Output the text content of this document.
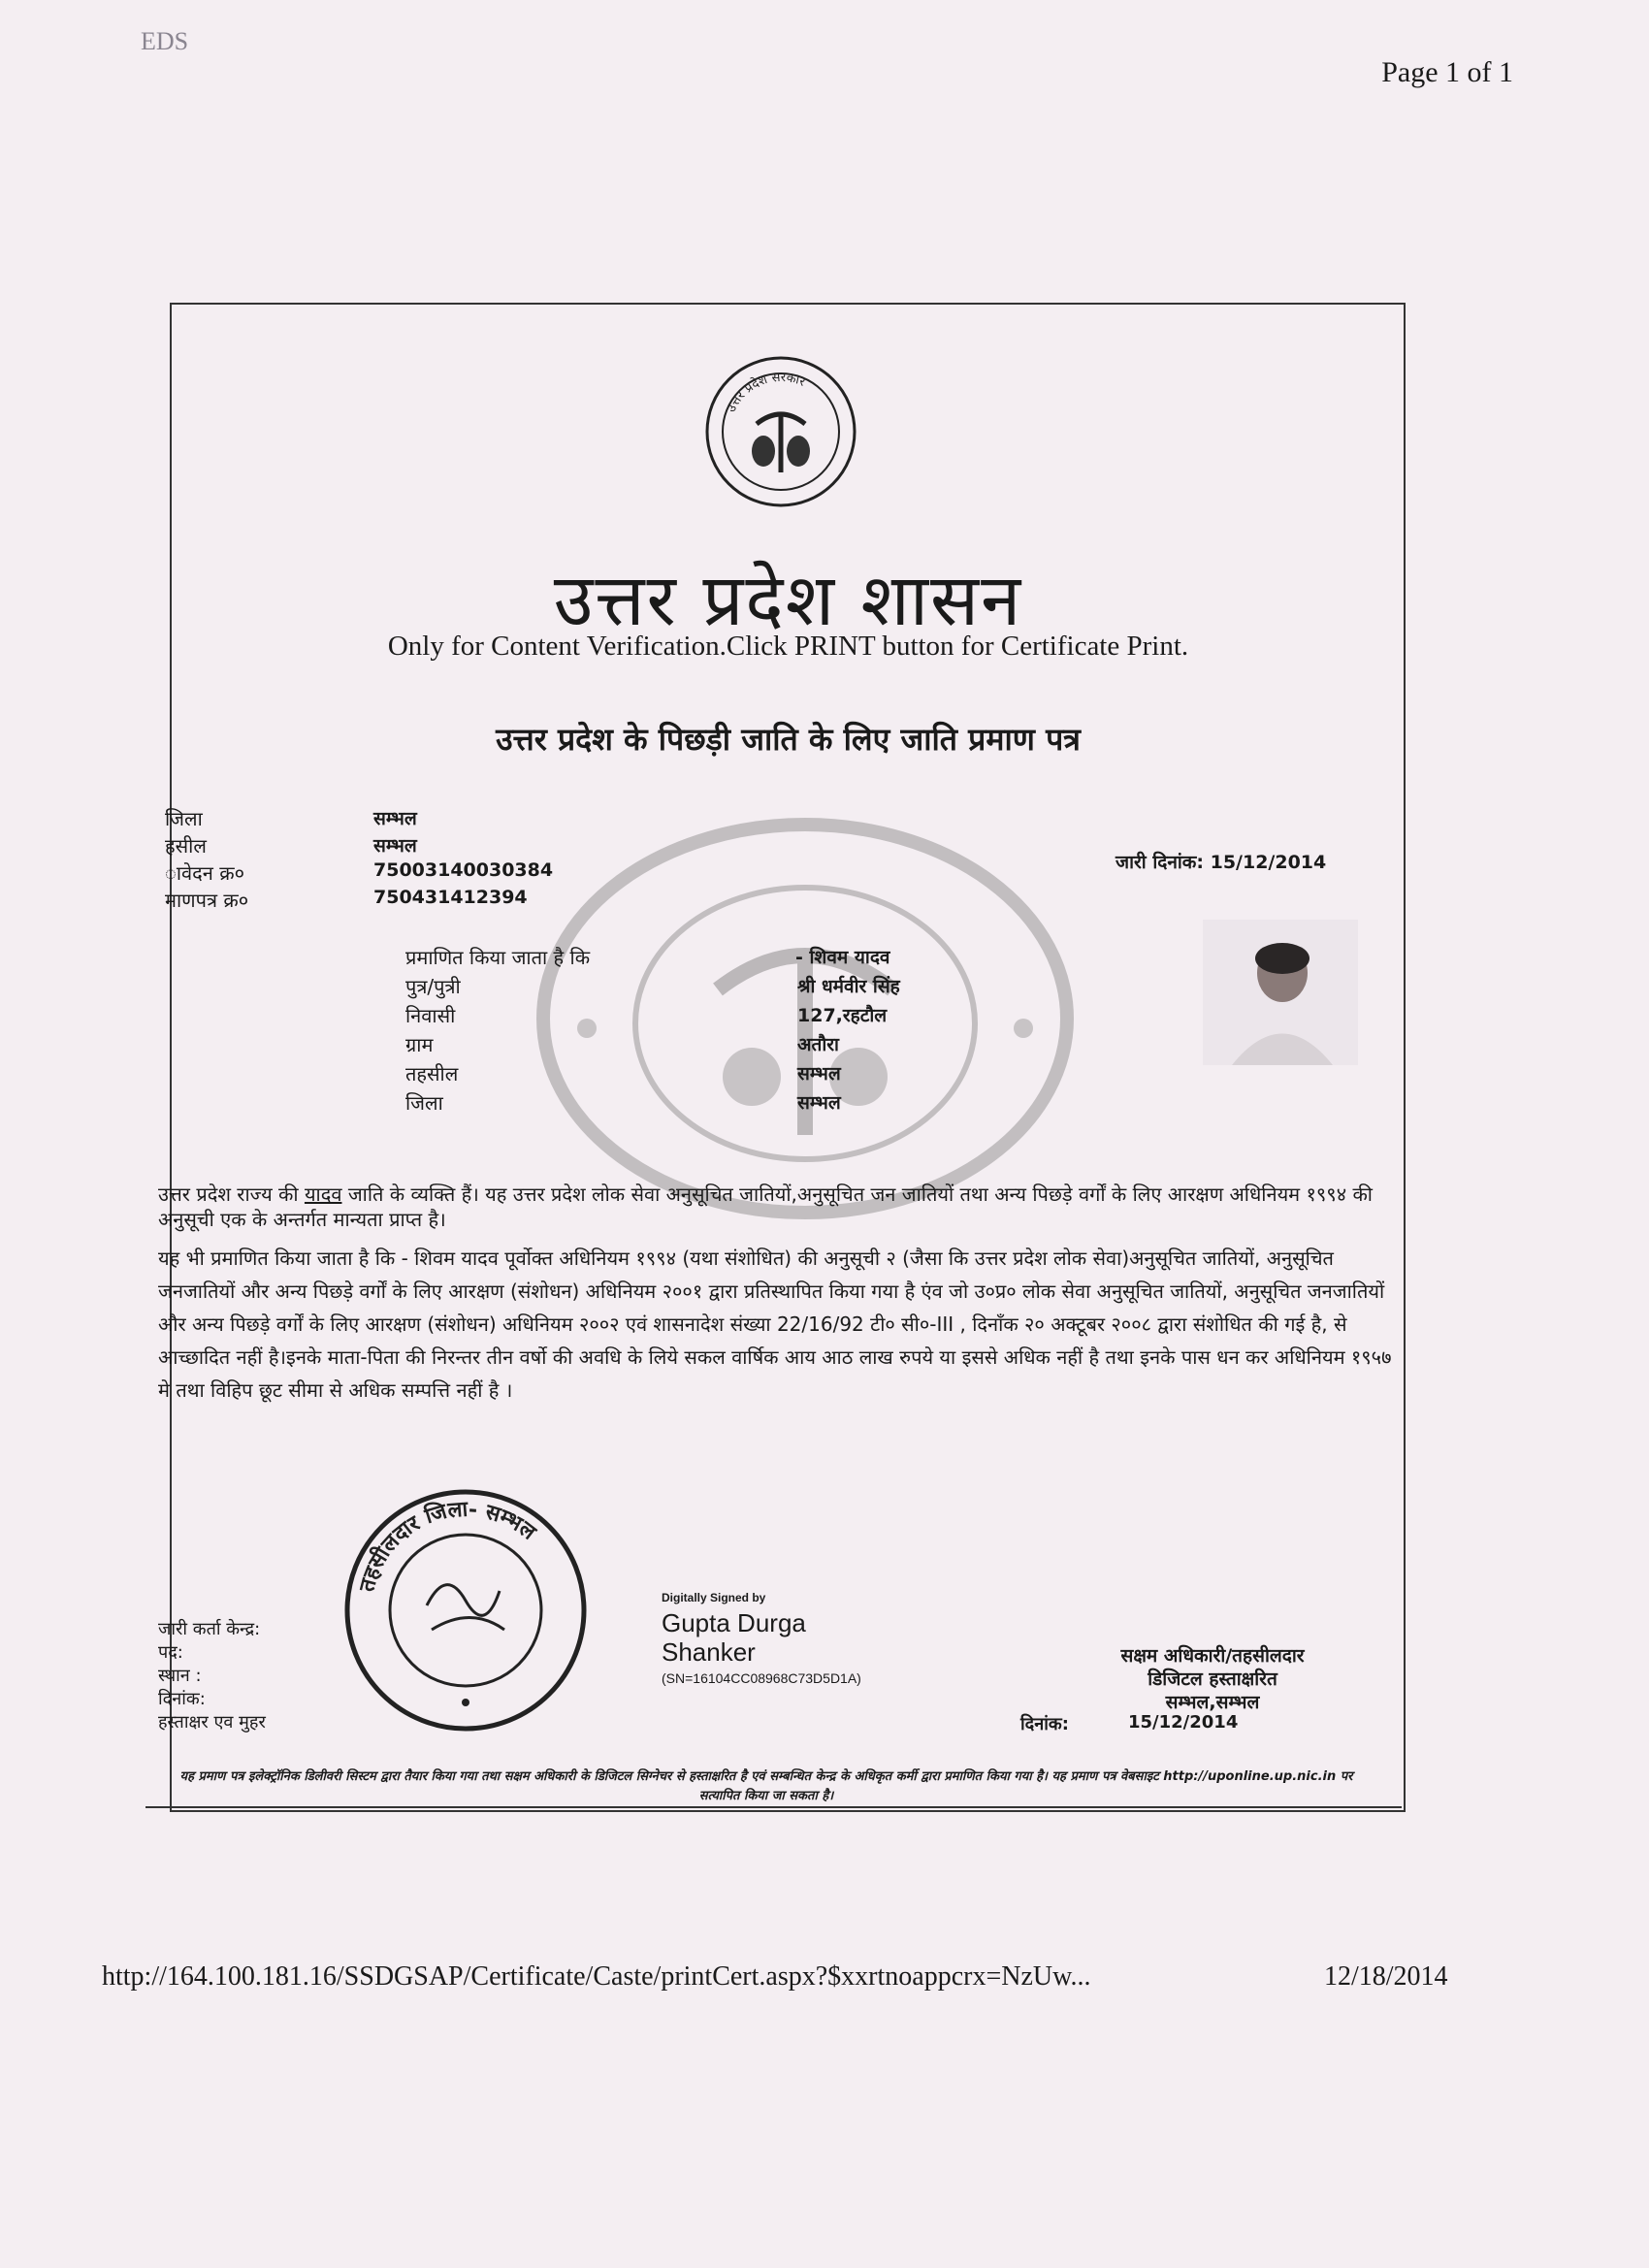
EDS
Page 1 of 1
उत्तर प्रदेश सरकार
उत्तर प्रदेश शासन
Only for Content Verification.Click PRINT button for Certificate Print.
उत्तर प्रदेश के पिछड़ी जाति के लिए जाति प्रमाण पत्र
जिला	सम्भल
हसील	सम्भल
ावेदन क्र०	75003140030384
माणपत्र क्र०	750431412394
जारी दिनांक: 15/12/2014
प्रमाणित किया जाता है कि	- शिवम यादव
पुत्र/पुत्री	श्री धर्मवीर सिंह
निवासी	127,रहटौल
ग्राम	अतौरा
तहसील	सम्भल
जिला	सम्भल
उत्तर प्रदेश राज्य की यादव जाति के व्यक्ति हैं। यह उत्तर प्रदेश लोक सेवा अनुसूचित जातियों,अनुसूचित जन जातियों तथा अन्य पिछड़े वर्गों के लिए आरक्षण अधिनियम १९९४ की अनुसूची एक के अन्तर्गत मान्यता प्राप्त है।
यह भी प्रमाणित किया जाता है कि - शिवम यादव पूर्वोक्त अधिनियम १९९४ (यथा संशोधित) की अनुसूची २ (जैसा कि उत्तर प्रदेश लोक सेवा)अनुसूचित जातियों, अनुसूचित जनजातियों और अन्य पिछड़े वर्गों के लिए आरक्षण (संशोधन) अधिनियम २००१ द्वारा प्रतिस्थापित किया गया है एंव जो उ०प्र० लोक सेवा अनुसूचित जातियों, अनुसूचित जनजातियों और अन्य पिछड़े वर्गों के लिए आरक्षण (संशोधन) अधिनियम २००२ एवं शासनादेश संख्या 22/16/92 टी० सी०-III , दिनाँक २० अक्टूबर २००८ द्वारा संशोधित की गई है, से आच्छादित नहीं है।इनके माता-पिता की निरन्तर तीन वर्षो की अवधि के लिये सकल वार्षिक आय आठ लाख रुपये या इससे अधिक नहीं है तथा इनके पास धन कर अधिनियम १९५७ मे तथा विहिप छूट सीमा से अधिक सम्पत्ति नहीं है ।
तहसीलदार जिला- सम्भल
जारी कर्ता केन्द्र:
पद:
स्थान :
दिनांक:
हस्ताक्षर एव मुहर
Digitally Signed by
Gupta Durga
Shanker
(SN=16104CC08968C73D5D1A)
सक्षम अधिकारी/तहसीलदार
डिजिटल हस्ताक्षरित
सम्भल,सम्भल
दिनांक:	15/12/2014
यह प्रमाण पत्र इलेक्ट्रॉनिक डिलीवरी सिस्टम द्वारा तैयार किया गया तथा सक्षम अधिकारी के डिजिटल सिग्नेचर से हस्ताक्षरित है एवं सम्बन्धित केन्द्र के अधिकृत कर्मी द्वारा प्रमाणित किया गया है। यह प्रमाण पत्र वेबसाइट http://uponline.up.nic.in पर सत्यापित किया जा सकता है।
http://164.100.181.16/SSDGSAP/Certificate/Caste/printCert.aspx?$xxrtnoappcrx=NzUw...	12/18/2014
